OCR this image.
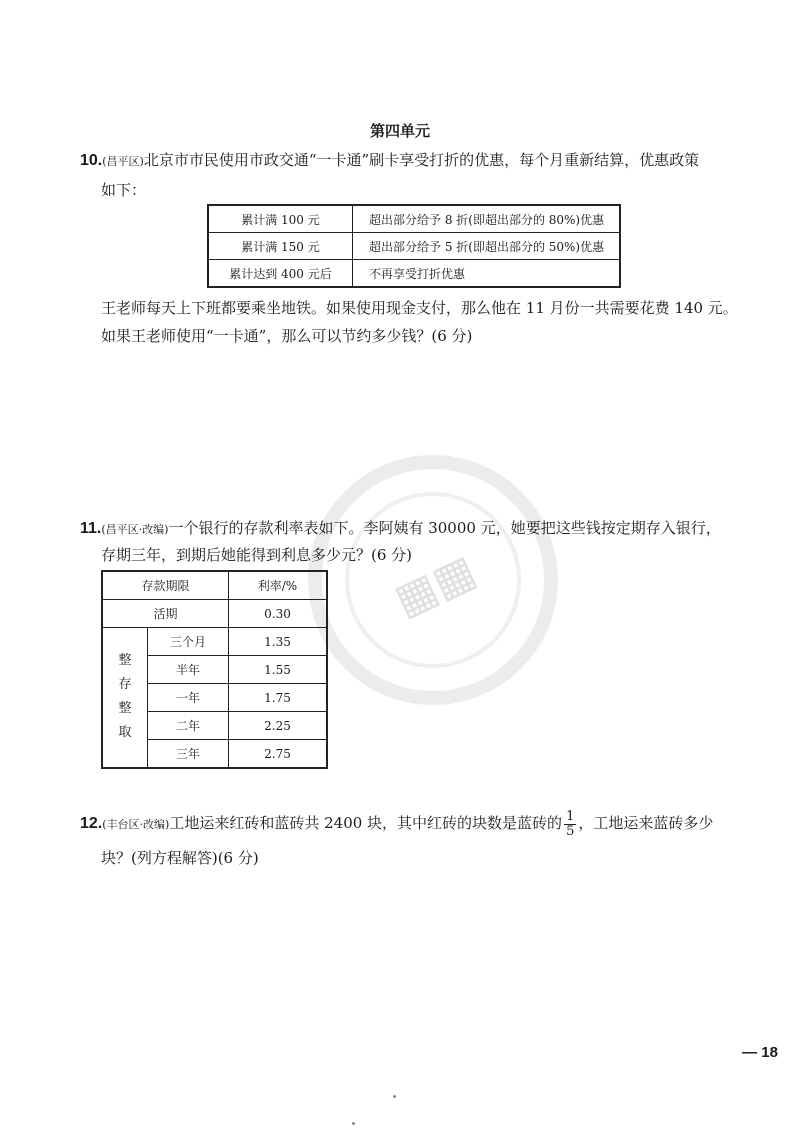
▦▦
第四单元
10.(昌平区)北京市市民使用市政交通“一卡通”刷卡享受打折的优惠，每个月重新结算，优惠政策
如下：
累计满 100 元	超出部分给予 8 折(即超出部分的 80%)优惠
累计满 150 元	超出部分给予 5 折(即超出部分的 50%)优惠
累计达到 400 元后	不再享受打折优惠
王老师每天上下班都要乘坐地铁。如果使用现金支付，那么他在 11 月份一共需要花费 140 元。
如果王老师使用“一卡通”，那么可以节约多少钱？(6 分)
11.(昌平区·改编)一个银行的存款利率表如下。李阿姨有 30000 元，她要把这些钱按定期存入银行，
存期三年，到期后她能得到利息多少元？(6 分)
存款期限		利率/%
活期		0.30
整存整取	三个月	1.35
	半年	1.55
	一年	1.75
	二年	2.25
	三年	2.75
12.(丰台区·改编)工地运来红砖和蓝砖共 2400 块，其中红砖的块数是蓝砖的 $\frac{1}{5}$ ，工地运来蓝砖多少
块？(列方程解答)(6 分)
— 18
